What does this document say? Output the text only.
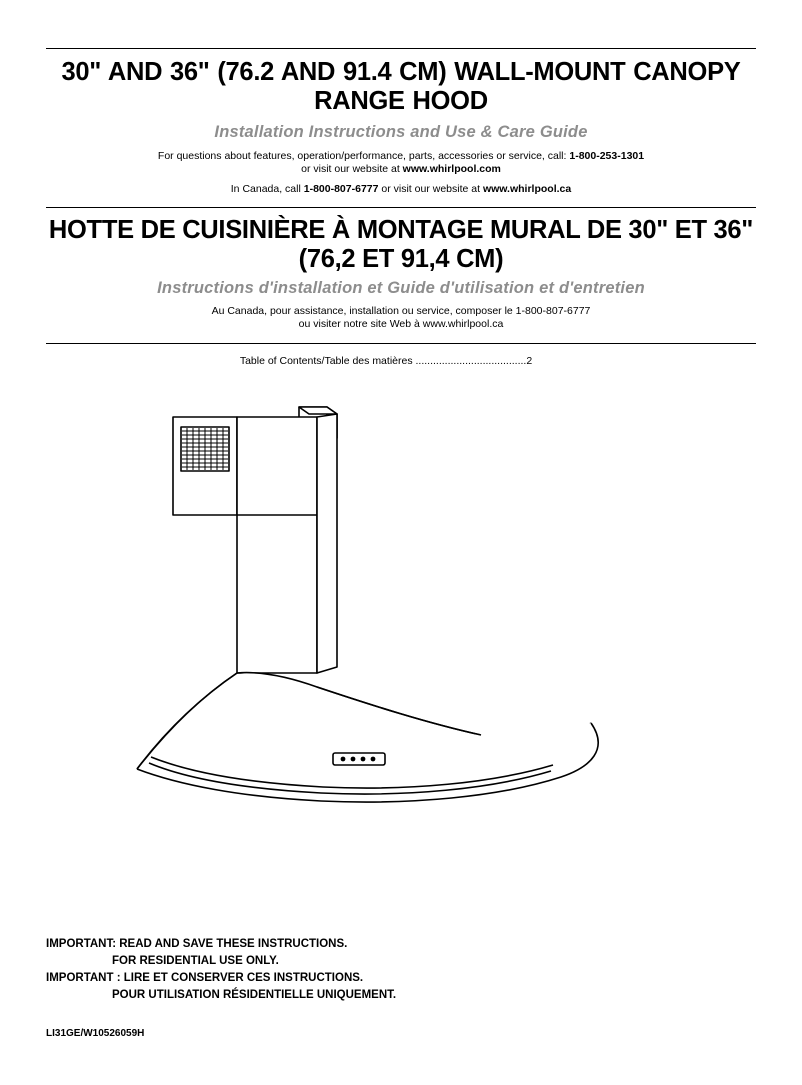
30" AND 36" (76.2 AND 91.4 CM) WALL-MOUNT CANOPY RANGE HOOD
Installation Instructions and Use & Care Guide
For questions about features, operation/performance, parts, accessories or service, call: 1-800-253-1301
or visit our website at www.whirlpool.com
In Canada, call 1-800-807-6777 or visit our website at www.whirlpool.ca
HOTTE DE CUISINIÈRE À MONTAGE MURAL DE 30" ET 36" (76,2 ET 91,4 CM)
Instructions d'installation et Guide d'utilisation et d'entretien
Au Canada, pour assistance, installation ou service, composer le 1-800-807-6777
ou visiter notre site Web à www.whirlpool.ca
Table of Contents/Table des matières ......................................2
IMPORTANT: READ AND SAVE THESE INSTRUCTIONS.
FOR RESIDENTIAL USE ONLY.
IMPORTANT : LIRE ET CONSERVER CES INSTRUCTIONS.
POUR UTILISATION RÉSIDENTIELLE UNIQUEMENT.
LI31GE/W10526059H
